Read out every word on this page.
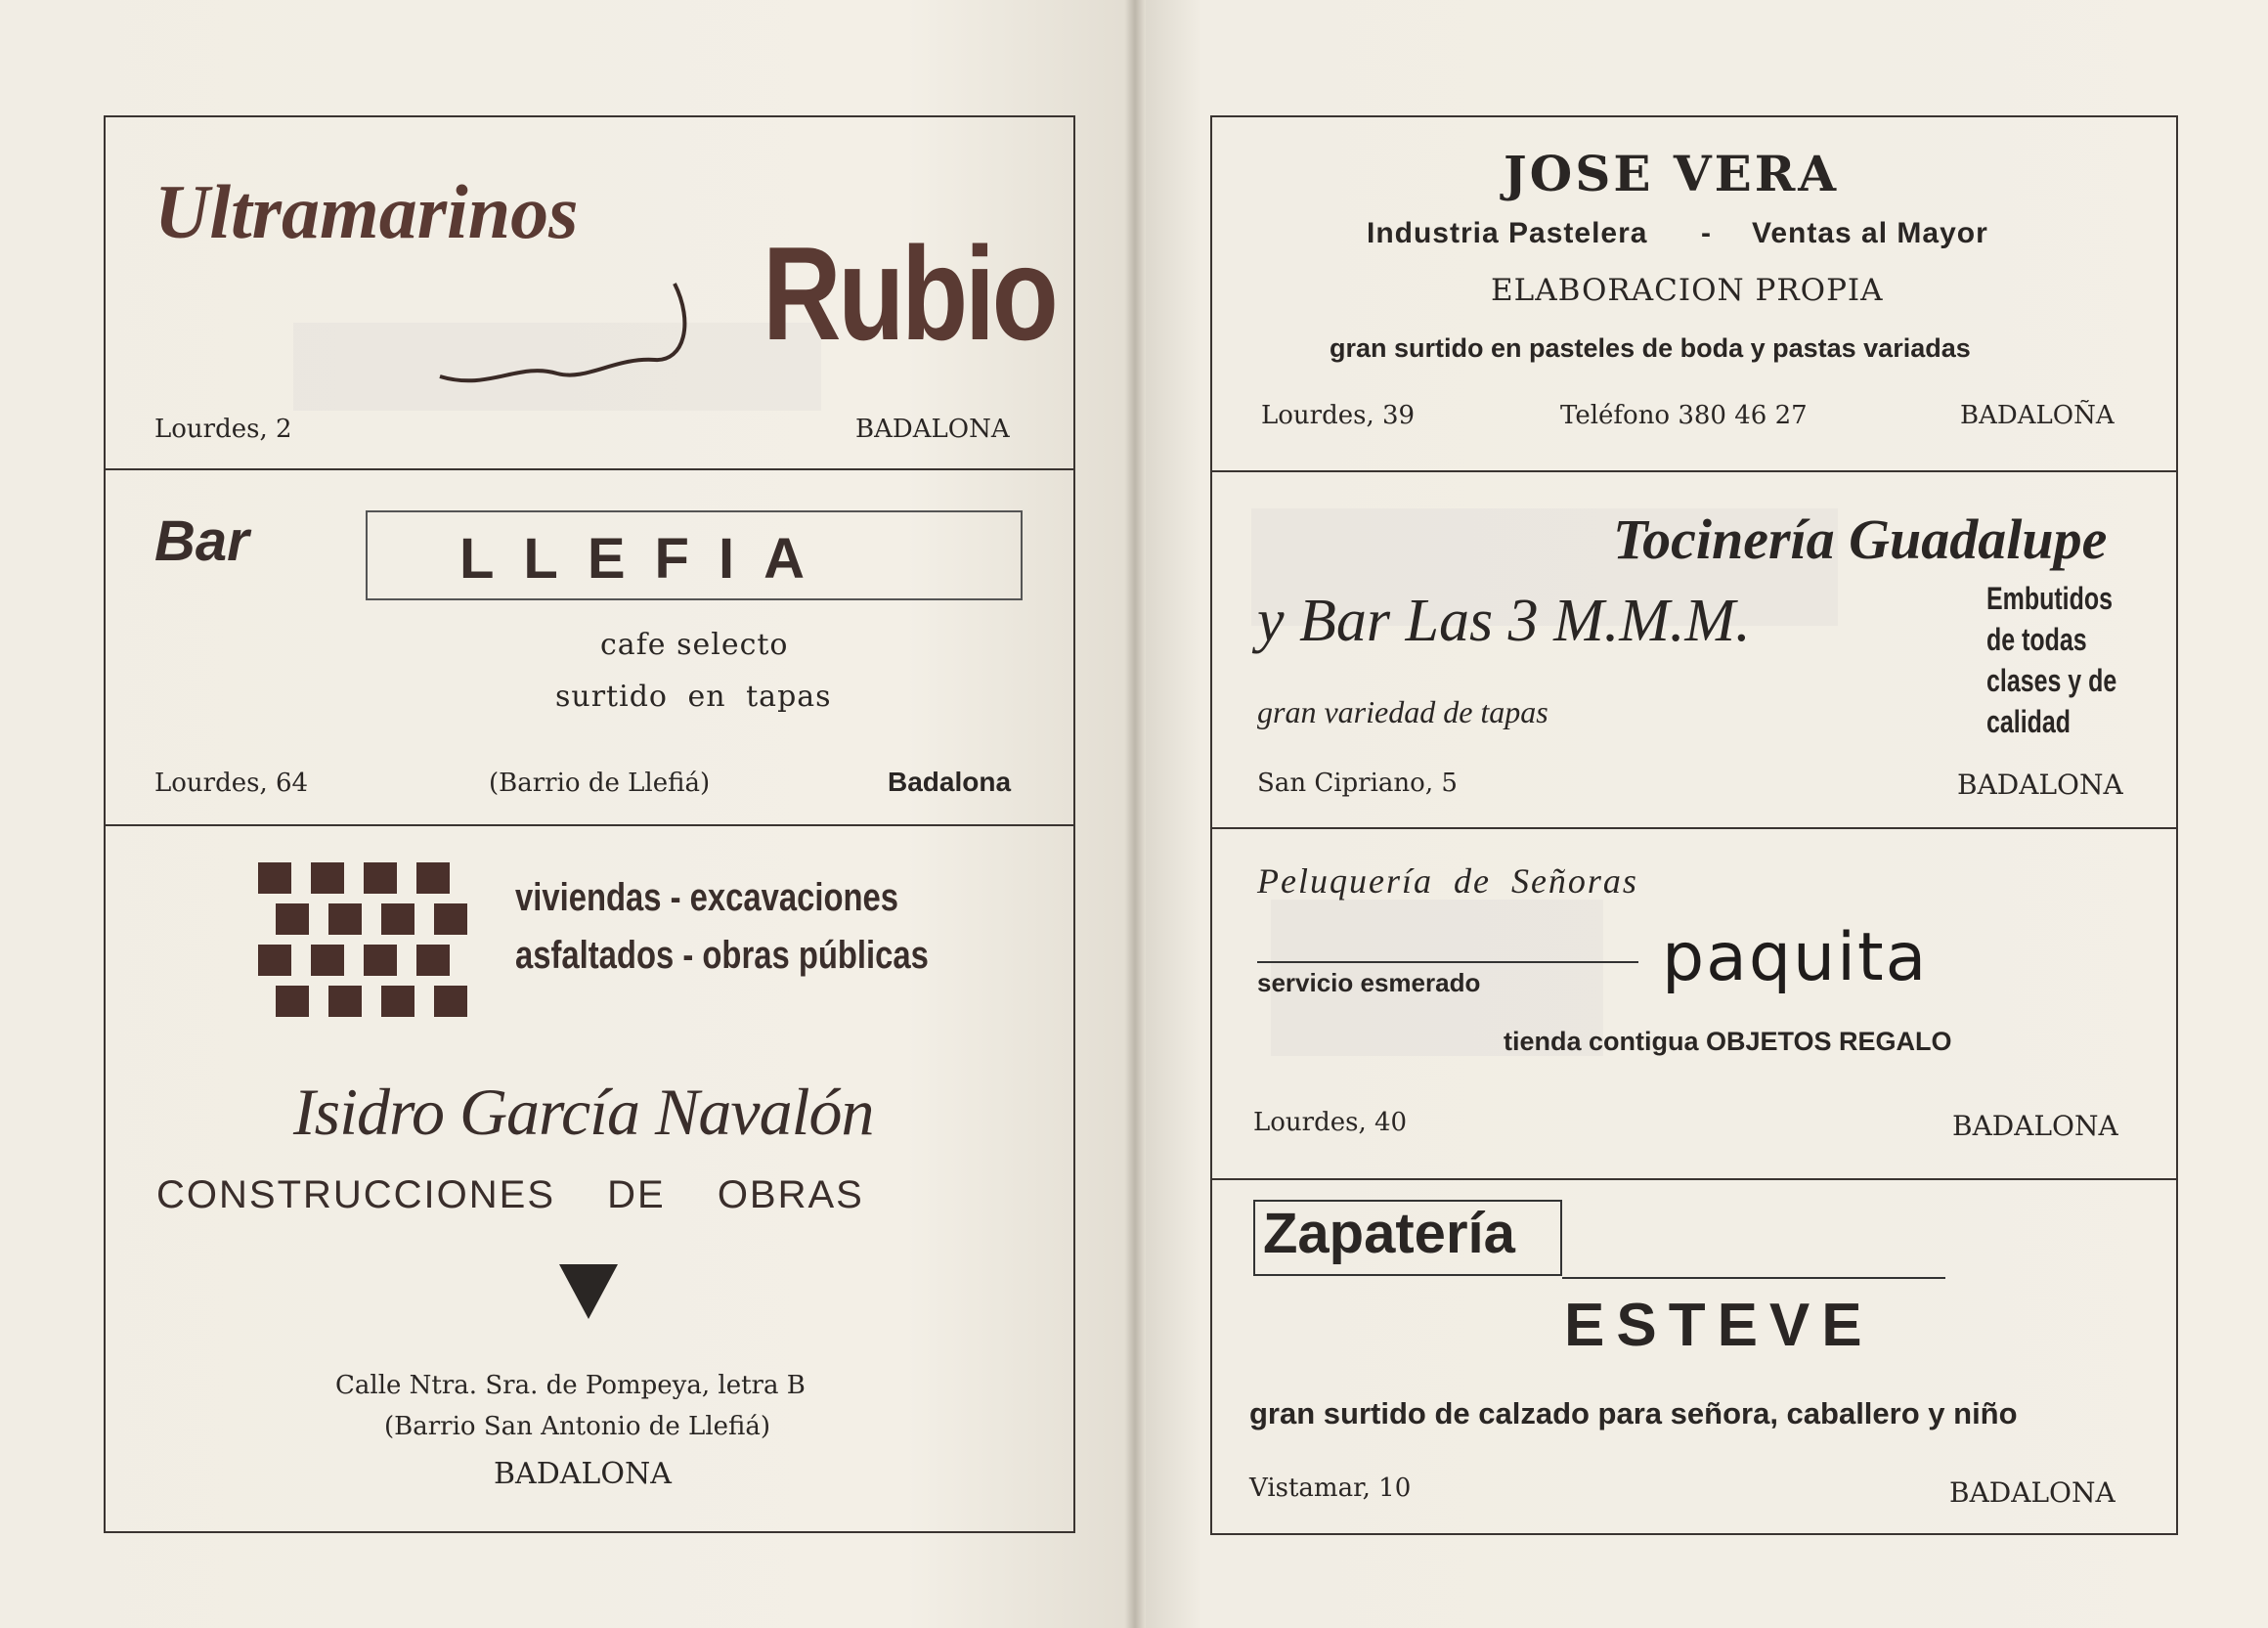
Ultramarinos
Rubio
Lourdes, 2	BADALONA
Bar	LLEFIA
cafe selecto
surtido en tapas
Lourdes, 64	(Barrio de Llefiá)	Badalona
viviendas - excavaciones
asfaltados - obras públicas
Isidro García Navalón
CONSTRUCCIONES DE OBRAS
Calle Ntra. Sra. de Pompeya, letra B
(Barrio San Antonio de Llefiá)
BADALONA
JOSE VERA
Industria Pastelera - Ventas al Mayor
ELABORACION PROPIA
gran surtido en pasteles de boda y pastas variadas
Lourdes, 39	Teléfono 380 46 27	BADALOÑA
Tocinería Guadalupe
y Bar Las 3 M.M.M.	Embutidos
de todas
clases y de
calidad
gran variedad de tapas
San Cipriano, 5	BADALONA
Peluquería de Señoras
servicio esmerado	paquita
tienda contigua OBJETOS REGALO
Lourdes, 40	BADALONA
Zapatería
ESTEVE
gran surtido de calzado para señora, caballero y niño
Vistamar, 10	BADALONA
